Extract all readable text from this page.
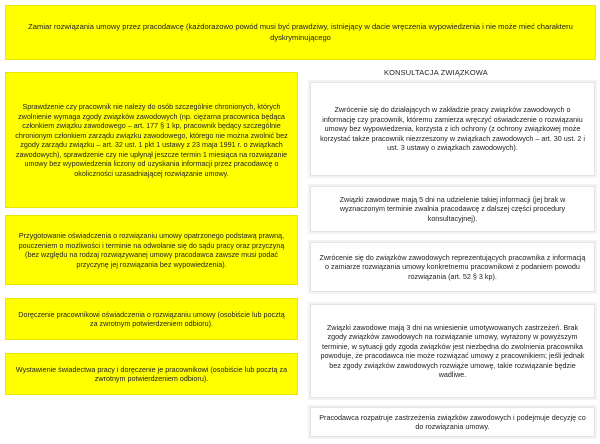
Zamiar rozwiązania umowy przez pracodawcę (każdorazowo powód musi być prawdziwy, istniejący w dacie wręczenia wypowiedzenia i nie może mieć charakteru dyskryminującego
KONSULTACJA ZWIĄZKOWA
Sprawdzenie czy pracownik nie należy do osób szczególnie chronionych, których zwolnienie wymaga zgody związków zawodowych (np. ciężarna pracownica będąca członkiem związku zawodowego – art. 177 § 1 kp, pracownik będący szczególnie chronionym członkiem zarządu związku zawodowego, którego nie można zwolnić bez zgody zarządu związku – art. 32 ust. 1 pkt 1 ustawy z 23 maja 1991 r. o związkach zawodowych), sprawdzenie czy nie upłynął jeszcze termin 1 miesiąca na rozwiązanie umowy bez wypowiedzenia liczony od uzyskania informacji przez pracodawcę o okoliczności uzasadniającej rozwiązanie umowy.
Przygotowanie oświadczenia o rozwiązaniu umowy opatrzonego podstawą prawną, pouczeniem o możliwości i terminie na odwołanie się do sądu pracy oraz przyczyną (bez względu na rodzaj rozwiązywanej umowy pracodawca zawsze musi podać przyczynę jej rozwiązania bez wypowiedzenia).
Doręczenie pracownikowi oświadczenia o rozwiązaniu umowy (osobiście lub pocztą za zwrotnym potwierdzeniem odbioru).
Wystawienie świadectwa pracy i doręczenie je pracownikowi (osobiście lub pocztą za zwrotnym potwierdzeniem odbioru).
Zwrócenie się do działających w zakładzie pracy związków zawodowych o informację czy pracownik, któremu zamierza wręczyć oświadczenie o rozwiązaniu umowy bez wypowiedzenia, korzysta z ich ochrony (z ochrony związkowej może korzystać także pracownik niezrzeszony w związkach zawodowych – art. 30 ust. 2 i ust. 3 ustawy o związkach zawodowych).
Związki zawodowe mają 5 dni na udzielenie takiej informacji (jej brak w wyznaczonym terminie zwalnia pracodawcę z dalszej części procedury konsultacyjnej).
Zwrócenie się do związków zawodowych reprezentujących pracownika z informacją o zamiarze rozwiązania umowy konkretnemu pracownikowi z podaniem powodu rozwiązania (art. 52 § 3 kp).
Związki zawodowe mają 3 dni na wniesienie umotywowanych zastrzeżeń. Brak zgody związków zawodowych na rozwiązanie umowy, wyrażony w powyższym terminie, w sytuacji gdy zgoda związków jest niezbędna do zwolnienia pracownika powoduje, że pracodawca nie może rozwiązać umowy z pracownikiem; jeśli jednak bez zgody związków zawodowych rozwiąże umowę, takie rozwiązanie będzie wadliwe.
Pracodawca rozpatruje zastrzeżenia związków zawodowych i podejmuje decyzję co do rozwiązania umowy.
